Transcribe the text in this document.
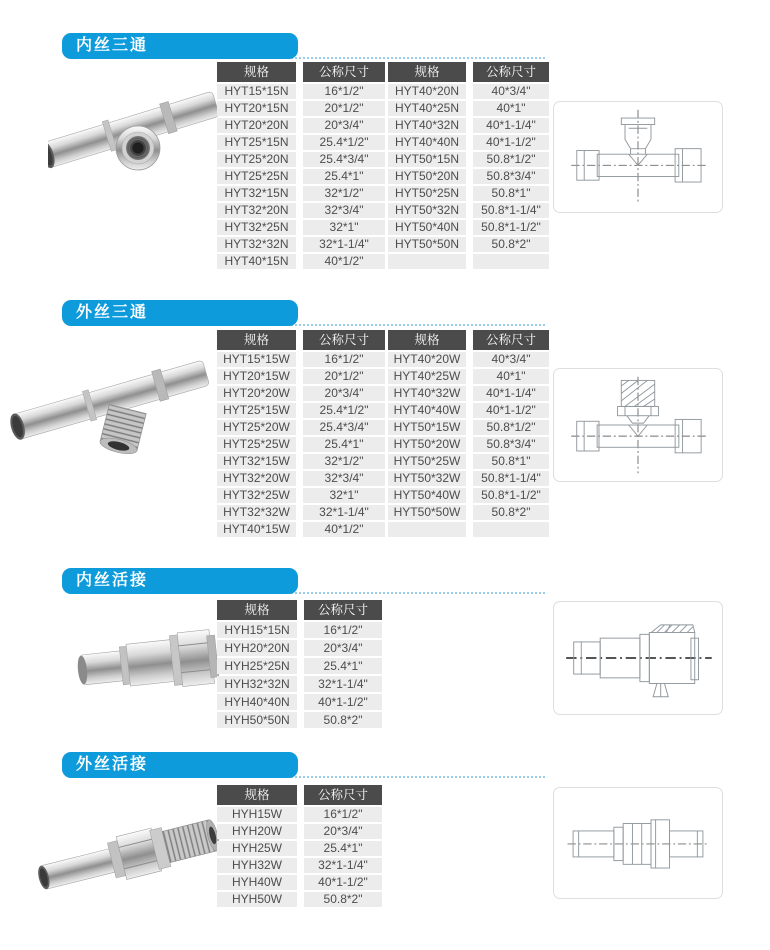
内丝三通
规格	公称尺寸
HYT15*15N	16*1/2"
HYT20*15N	20*1/2"
HYT20*20N	20*3/4"
HYT25*15N	25.4*1/2"
HYT25*20N	25.4*3/4"
HYT25*25N	25.4*1"
HYT32*15N	32*1/2"
HYT32*20N	32*3/4"
HYT32*25N	32*1"
HYT32*32N	32*1-1/4"
HYT40*15N	40*1/2"
规格	公称尺寸
HYT40*20N	40*3/4"
HYT40*25N	40*1"
HYT40*32N	40*1-1/4"
HYT40*40N	40*1-1/2"
HYT50*15N	50.8*1/2"
HYT50*20N	50.8*3/4"
HYT50*25N	50.8*1"
HYT50*32N	50.8*1-1/4"
HYT50*40N	50.8*1-1/2"
HYT50*50N	50.8*2"
外丝三通
规格	公称尺寸
HYT15*15W	16*1/2"
HYT20*15W	20*1/2"
HYT20*20W	20*3/4"
HYT25*15W	25.4*1/2"
HYT25*20W	25.4*3/4"
HYT25*25W	25.4*1"
HYT32*15W	32*1/2"
HYT32*20W	32*3/4"
HYT32*25W	32*1"
HYT32*32W	32*1-1/4"
HYT40*15W	40*1/2"
规格	公称尺寸
HYT40*20W	40*3/4"
HYT40*25W	40*1"
HYT40*32W	40*1-1/4"
HYT40*40W	40*1-1/2"
HYT50*15W	50.8*1/2"
HYT50*20W	50.8*3/4"
HYT50*25W	50.8*1"
HYT50*32W	50.8*1-1/4"
HYT50*40W	50.8*1-1/2"
HYT50*50W	50.8*2"
内丝活接
规格	公称尺寸
HYH15*15N	16*1/2"
HYH20*20N	20*3/4"
HYH25*25N	25.4*1"
HYH32*32N	32*1-1/4"
HYH40*40N	40*1-1/2"
HYH50*50N	50.8*2"
外丝活接
规格	公称尺寸
HYH15W	16*1/2"
HYH20W	20*3/4"
HYH25W	25.4*1"
HYH32W	32*1-1/4"
HYH40W	40*1-1/2"
HYH50W	50.8*2"
